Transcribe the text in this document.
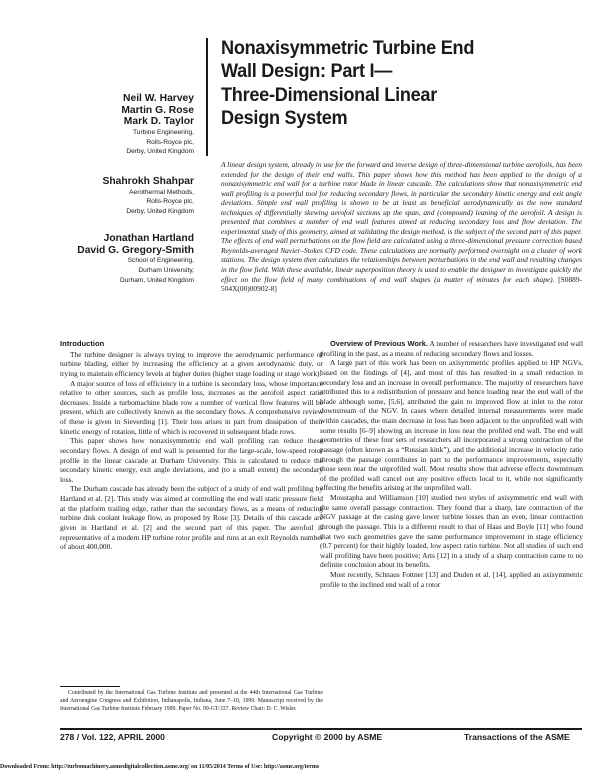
Nonaxisymmetric Turbine End
Wall Design: Part I—
Three-Dimensional Linear
Design System
Neil W. Harvey
Martin G. Rose
Mark D. Taylor
Turbine Engineering,
Rolls-Royce plc,
Derby, United Kingdom
Shahrokh Shahpar
Aerothermal Methods,
Rolls-Royce plc,
Derby, United Kingdom
Jonathan Hartland
David G. Gregory-Smith
School of Engineering,
Durham University,
Durham, United Kingdom
A linear design system, already in use for the forward and inverse design of three-dimensional turbine aerofoils, has been extended for the design of their end walls. This paper shows how this method has been applied to the design of a nonaxisymmetric end wall for a turbine rotor blade in linear cascade. The calculations show that nonaxisymmetric end wall profiling is a powerful tool for reducing secondary flows, in particular the secondary kinetic energy and exit angle deviations. Simple end wall profiling is shown to be at least as beneficial aerodynamically as the now standard techniques of differentially skewing aerofoil sections up the span, and (compound) leaning of the aerofoil. A design is presented that combines a number of end wall features aimed at reducing secondary loss and flow deviation. The experimental study of this geometry, aimed at validating the design method, is the subject of the second part of this paper. The effects of end wall perturbations on the flow field are calculated using a three-dimensional pressure correction based Reynolds-averaged Navier–Stokes CFD code. These calculations are normally performed overnight on a cluster of work stations. The design system then calculates the relationships between perturbations in the end wall and resulting changes in the flow field. With these available, linear superposition theory is used to enable the designer to investigate quickly the effect on the flow field of many combinations of end wall shapes (a matter of minutes for each shape). [S0889-504X(00)00902-8]
Introduction

The turbine designer is always trying to improve the aerodynamic performance of turbine blading, either by increasing the efficiency at a given aerodynamic duty, or trying to maintain efficiency levels at higher duties (higher stage loading or stage work).

A major source of loss of efficiency in a turbine is secondary loss, whose importance relative to other sources, such as profile loss, increases as the aerofoil aspect ratio decreases. Inside a turbomachine blade row a number of vortical flow features will be present, which are collectively known as the secondary flows. A comprehensive review of these is given in Sieverding [1]. Their loss arises in part from dissipation of their kinetic energy of rotation, little of which is recovered in subsequent blade rows.

This paper shows how nonaxisymmetric end wall profiling can reduce these secondary flows. A design of end wall is presented for the large-scale, low-speed rotor profile in the linear cascade at Durham University. This is calculated to reduce the secondary kinetic energy, exit angle deviations, and (to a small extent) the secondary loss.

The Durham cascade has already been the subject of a study of end wall profiling by Hartland et al. [2]. This study was aimed at controlling the end wall static pressure field at the platform trailing edge, rather than the secondary flows, as a means of reducing turbine disk coolant leakage flow, as proposed by Rose [3]. Details of this cascade are given in Hartland et al. [2] and the second part of this paper. The aerofoil is representative of a modern HP turbine rotor profile and runs at an exit Reynolds number of about 400,000.

Contributed by the International Gas Turbine Institute and presented at the 44th International Gas Turbine and Aeroengine Congress and Exhibition, Indianapolis, Indiana, June 7–10, 1999. Manuscript received by the International Gas Turbine Institute February 1999. Paper No. 99-GT-337. Review Chair: D. C. Wisler.

Overview of Previous Work. A number of researchers have investigated end wall profiling in the past, as a means of reducing secondary flows and losses.

A large part of this work has been on axisymmetric profiles applied to HP NGVs, based on the findings of [4], and most of this has resulted in a small reduction in secondary loss and an increase in overall performance. The majority of researchers have attributed this to a redistribution of pressure and hence loading near the end wall of the blade although some, [5,6], attributed the gain to improved flow at inlet to the rotor downstream of the NGV. In cases where detailed internal measurements were made within cascades, the main decrease in loss has been adjacent to the unprofiled wall with some results [6–9] showing an increase in loss near the profiled end wall. The end wall geometries of these four sets of researchers all incorporated a strong contraction of the passage (often known as a “Russian kink”), and the additional increase in velocity ratio through the passage contributes in part to the performance improvements, especially those seen near the unprofiled wall. Most results show that adverse effects downstream of the profiled wall cancel out any positive effects local to it, while not significantly affecting the benefits arising at the unprofiled wall.

Moustapha and Williamson [10] studied two styles of axisymmetric end wall with the same overall passage contraction. They found that a sharp, late contraction of the NGV passage at the casing gave lower turbine losses than an even, linear contraction through the passage. This is a different result to that of Haas and Boyle [11] who found that two such geometries gave the same performance improvement in stage efficiency (0.7 percent) for their highly loaded, low aspect ratio turbine. Not all studies of such end wall profiling have been positive; Arts [12] in a study of a sharp contraction came to no definite conclusion about its benefits.

Most recently, Schnaus Fottner [13] and Duden et al. [14], applied an axisymmetric profile to the inclined end wall of a rotor

278 / Vol. 122, APRIL 2000	Copyright © 2000 by ASME	Transactions of the ASME
Downloaded From: http://turbomachinery.asmedigitalcollection.asme.org/ on 11/05/2014 Terms of Use: http://asme.org/terms
